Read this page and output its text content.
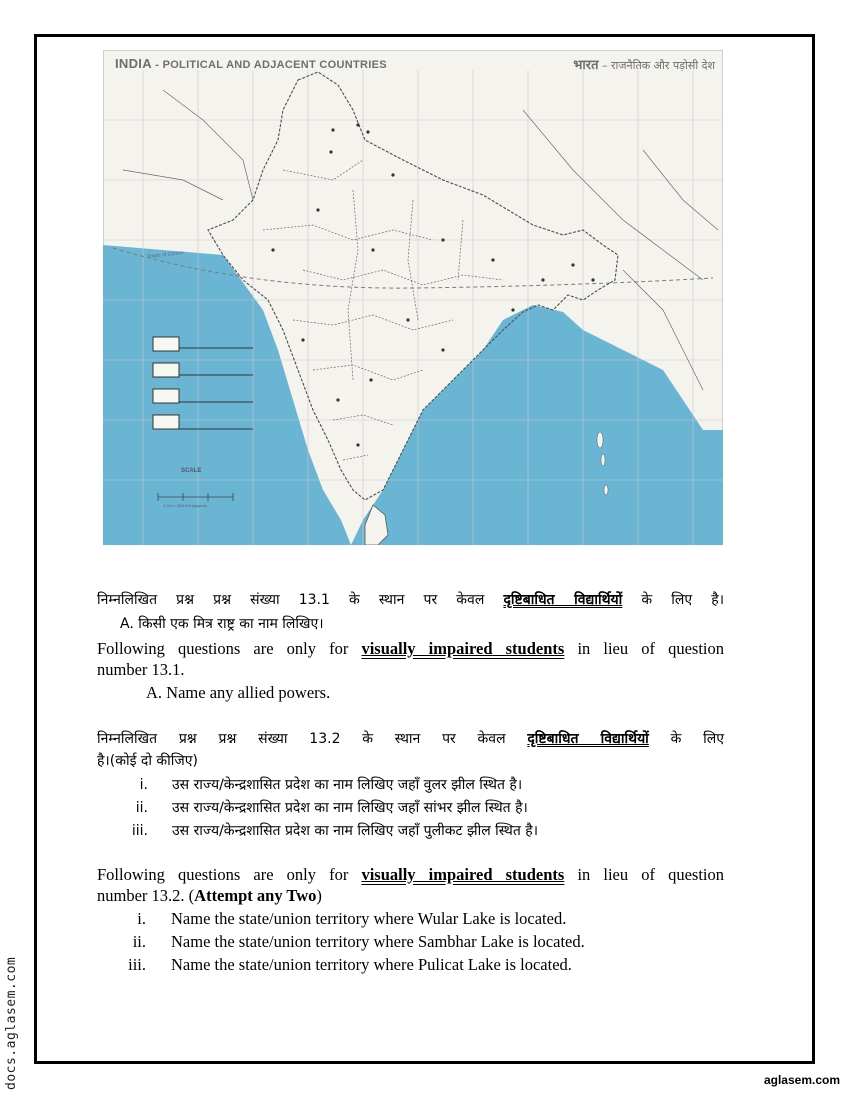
INDIA - POLITICAL AND ADJACENT COUNTRIES	भारत – राजनैतिक और पड़ोसी देश
Tropic of Cancer
SCALE
1 Cm = 250 Km (approx)
निम्नलिखित प्रश्न प्रश्न संख्या 13.1 के स्थान पर केवल दृष्टिबाधित विद्यार्थियों के लिए है।
A. किसी एक मित्र राष्ट्र का नाम लिखिए।
Following questions are only for visually impaired students in lieu of question
number 13.1.
A. Name any allied powers.
निम्नलिखित प्रश्न प्रश्न संख्या 13.2 के स्थान पर केवल दृष्टिबाधित विद्यार्थियों के लिए
है।(कोई दो कीजिए)
i. उस राज्य/केन्द्रशासित प्रदेश का नाम लिखिए जहाँ वुलर झील स्थित है।
ii. उस राज्य/केन्द्रशासित प्रदेश का नाम लिखिए जहाँ सांभर झील स्थित है।
iii. उस राज्य/केन्द्रशासित प्रदेश का नाम लिखिए जहाँ पुलीकट झील स्थित है।
Following questions are only for visually impaired students in lieu of question
number 13.2. (Attempt any Two)
i. Name the state/union territory where Wular Lake is located.
ii. Name the state/union territory where Sambhar Lake is located.
iii. Name the state/union territory where Pulicat Lake is located.
docs.aglasem.com	aglasem.com
